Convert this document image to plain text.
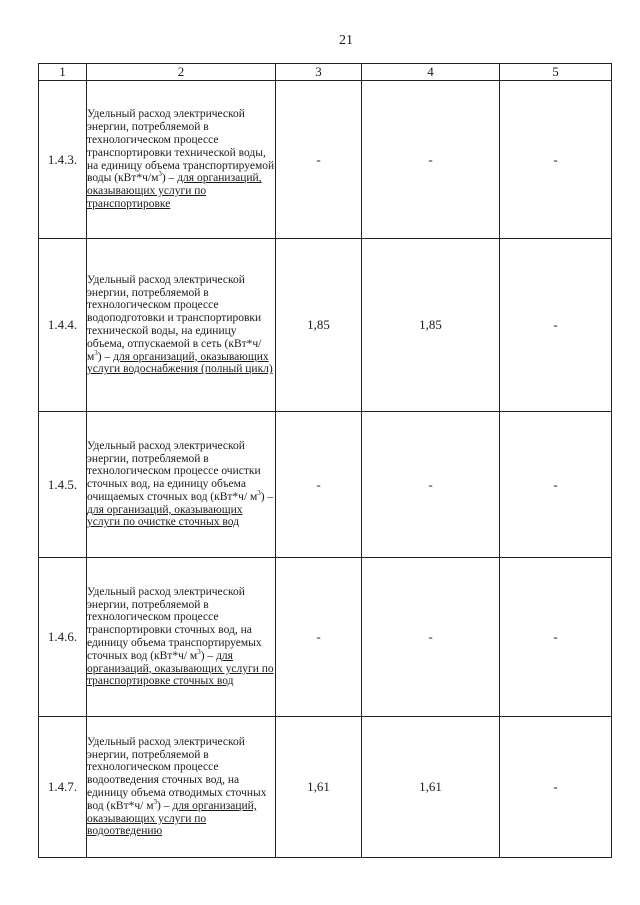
21
1	2	3	4	5
1.4.3.	Удельный расход электрической энергии, потребляемой в технологическом процессе транспортировки технической воды, на единицу объема транспортируемой воды $(кВт*ч/м^3)$ – для организаций, оказывающих услуги по транспортировке	-	-	-
1.4.4.	Удельный расход электрической энергии, потребляемой в технологическом процессе водоподготовки и транспортировки технической воды, на единицу объема, отпускаемой в сеть $(кВт*ч/м^3)$ – для организаций, оказывающих услуги водоснабжения (полный цикл)	1,85	1,85	-
1.4.5.	Удельный расход электрической энергии, потребляемой в технологическом процессе очистки сточных вод, на единицу объема очищаемых сточных вод (кВт*ч/ $м^3$) – для организаций, оказывающих услуги по очистке сточных вод	-	-	-
1.4.6.	Удельный расход электрической энергии, потребляемой в технологическом процессе транспортировки сточных вод, на единицу объема транспортируемых сточных вод (кВт*ч/ $м^3$) – для организаций, оказывающих услуги по транспортировке сточных вод	-	-	-
1.4.7.	Удельный расход электрической энергии, потребляемой в технологическом процессе водоотведения сточных вод, на единицу объема отводимых сточных вод (кВт*ч/ $м^3$) – для организаций, оказывающих услуги по водоотведению	1,61	1,61	-
